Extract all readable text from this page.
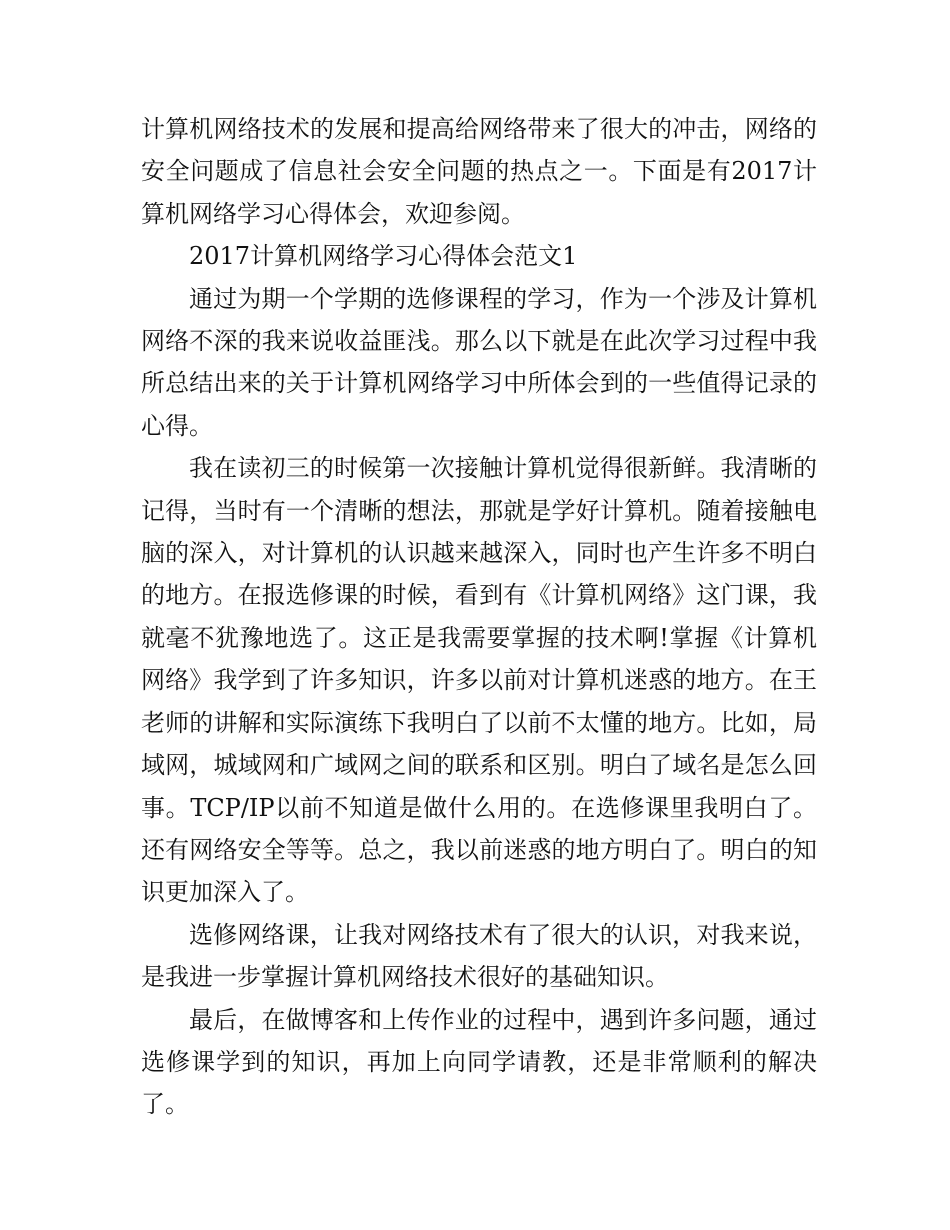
计算机网络技术的发展和提高给网络带来了很大的冲击，网络的安全问题成了信息社会安全问题的热点之一。下面是有2017计算机网络学习心得体会，欢迎参阅。

2017计算机网络学习心得体会范文1

通过为期一个学期的选修课程的学习，作为一个涉及计算机网络不深的我来说收益匪浅。那么以下就是在此次学习过程中我所总结出来的关于计算机网络学习中所体会到的一些值得记录的心得。

我在读初三的时候第一次接触计算机觉得很新鲜。我清晰的记得，当时有一个清晰的想法，那就是学好计算机。随着接触电脑的深入，对计算机的认识越来越深入，同时也产生许多不明白的地方。在报选修课的时候，看到有《计算机网络》这门课，我就毫不犹豫地选了。这正是我需要掌握的技术啊!掌握《计算机网络》我学到了许多知识，许多以前对计算机迷惑的地方。在王老师的讲解和实际演练下我明白了以前不太懂的地方。比如，局域网，城域网和广域网之间的联系和区别。明白了域名是怎么回事。TCP/IP以前不知道是做什么用的。在选修课里我明白了。还有网络安全等等。总之，我以前迷惑的地方明白了。明白的知识更加深入了。

选修网络课，让我对网络技术有了很大的认识，对我来说，是我进一步掌握计算机网络技术很好的基础知识。

最后，在做博客和上传作业的过程中，遇到许多问题，通过选修课学到的知识，再加上向同学请教，还是非常顺利的解决了。
